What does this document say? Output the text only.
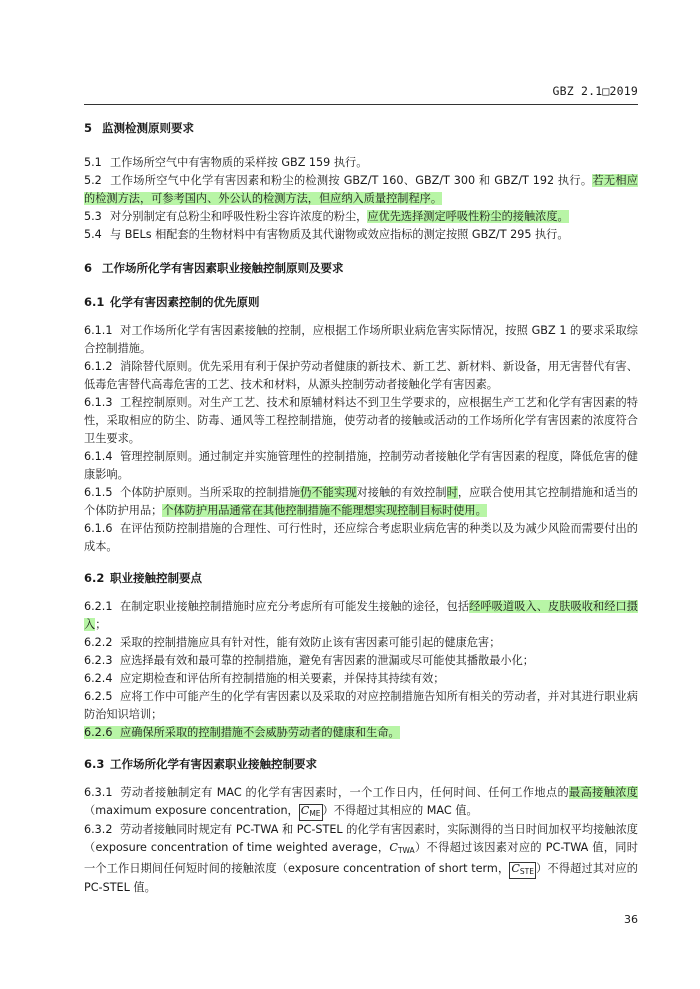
GBZ 2.1□2019
5 监测检测原则要求

5.1 工作场所空气中有害物质的采样按 GBZ 159 执行。

5.2 工作场所空气中化学有害因素和粉尘的检测按 GBZ/T 160、GBZ/T 300 和 GBZ/T 192 执行。若无相应的检测方法，可参考国内、外公认的检测方法，但应纳入质量控制程序。

5.3 对分别制定有总粉尘和呼吸性粉尘容许浓度的粉尘，应优先选择测定呼吸性粉尘的接触浓度。

5.4 与 BELs 相配套的生物材料中有害物质及其代谢物或效应指标的测定按照 GBZ/T 295 执行。

6 工作场所化学有害因素职业接触控制原则及要求
6.1 化学有害因素控制的优先原则

6.1.1 对工作场所化学有害因素接触的控制，应根据工作场所职业病危害实际情况，按照 GBZ 1 的要求采取综合控制措施。

6.1.2 消除替代原则。优先采用有利于保护劳动者健康的新技术、新工艺、新材料、新设备，用无害替代有害、低毒危害替代高毒危害的工艺、技术和材料，从源头控制劳动者接触化学有害因素。

6.1.3 工程控制原则。对生产工艺、技术和原辅材料达不到卫生学要求的，应根据生产工艺和化学有害因素的特性，采取相应的防尘、防毒、通风等工程控制措施，使劳动者的接触或活动的工作场所化学有害因素的浓度符合卫生要求。

6.1.4 管理控制原则。通过制定并实施管理性的控制措施，控制劳动者接触化学有害因素的程度，降低危害的健康影响。

6.1.5 个体防护原则。当所采取的控制措施仍不能实现对接触的有效控制时，应联合使用其它控制措施和适当的个体防护用品；个体防护用品通常在其他控制措施不能理想实现控制目标时使用。

6.1.6 在评估预防控制措施的合理性、可行性时，还应综合考虑职业病危害的种类以及为减少风险而需要付出的成本。

6.2 职业接触控制要点

6.2.1 在制定职业接触控制措施时应充分考虑所有可能发生接触的途径，包括经呼吸道吸入、皮肤吸收和经口摄入；

6.2.2 采取的控制措施应具有针对性，能有效防止该有害因素可能引起的健康危害；

6.2.3 应选择最有效和最可靠的控制措施，避免有害因素的泄漏或尽可能使其播散最小化；

6.2.4 应定期检查和评估所有控制措施的相关要素，并保持其持续有效；

6.2.5 应将工作中可能产生的化学有害因素以及采取的对应控制措施告知所有相关的劳动者，并对其进行职业病防治知识培训；

6.2.6 应确保所采取的控制措施不会威胁劳动者的健康和生命。

6.3 工作场所化学有害因素职业接触控制要求

6.3.1 劳动者接触制定有 MAC 的化学有害因素时，一个工作日内，任何时间、任何工作地点的最高接触浓度（maximum exposure concentration， $C_{ME}$ ）不得超过其相应的 MAC 值。

6.3.2 劳动者接触同时规定有 PC-TWA 和 PC-STEL 的化学有害因素时，实际测得的当日时间加权平均接触浓度（exposure concentration of time weighted average，$C_{TWA}$）不得超过该因素对应的 PC-TWA 值，同时一个工作日期间任何短时间的接触浓度（exposure concentration of short term， $C_{STE}$ ）不得超过其对应的 PC-STEL 值。

36
